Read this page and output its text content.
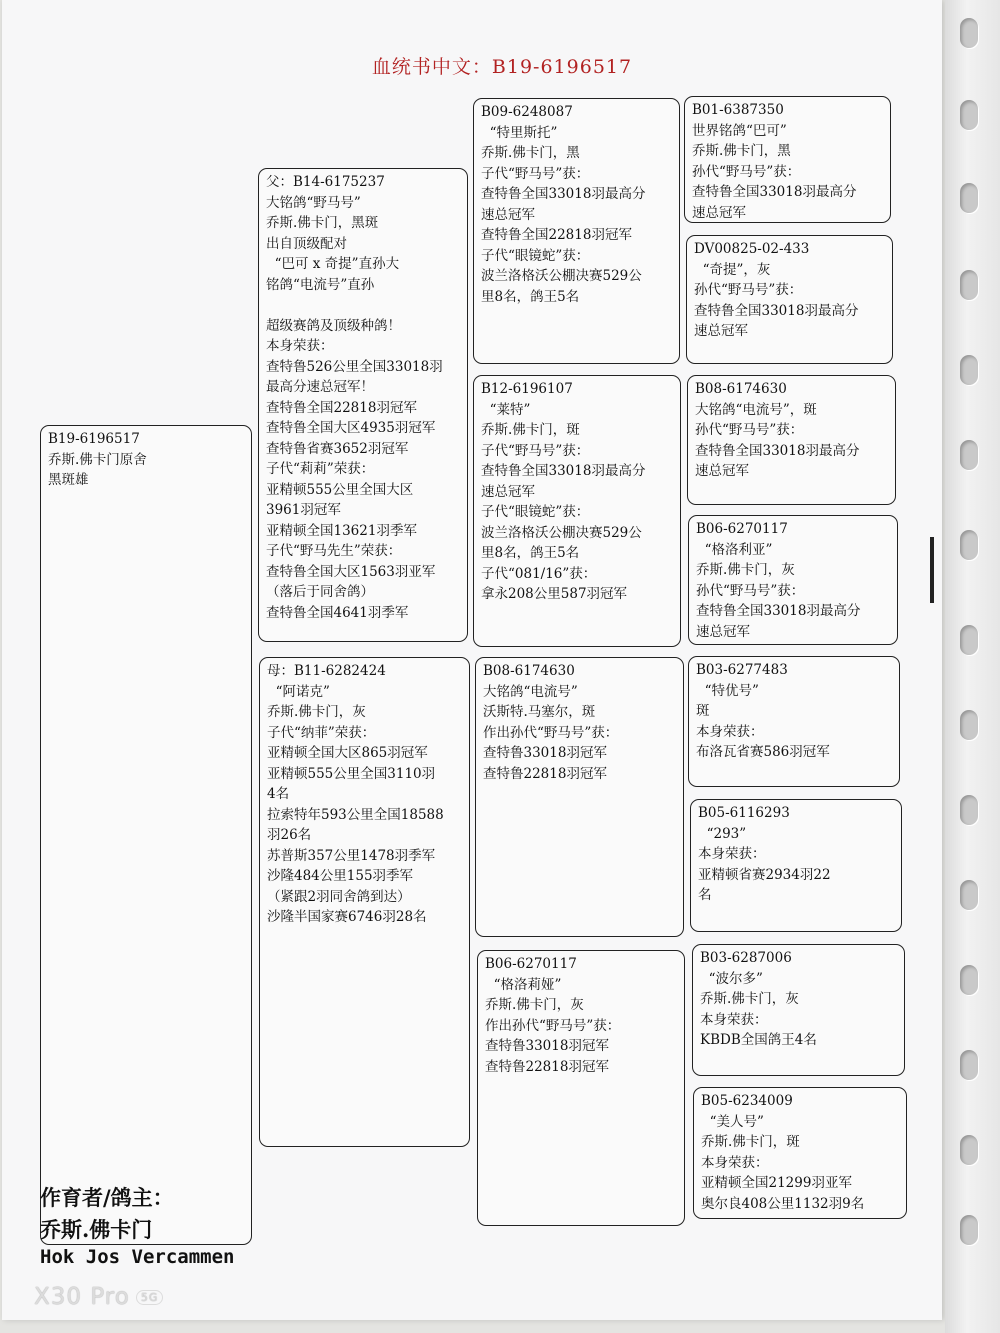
血统书中文：B19-6196517
B19-6196517
乔斯.佛卡门原舍
黑斑雄
父：B14-6175237
大铭鸽“野马号”
乔斯.佛卡门，黑斑
出自顶级配对
“巴可 x 奇提”直孙大
铭鸽“电流号”直孙

超级赛鸽及顶级种鸽！
本身荣获：
查特鲁526公里全国33018羽
最高分速总冠军！
查特鲁全国22818羽冠军
查特鲁全国大区4935羽冠军
查特鲁省赛3652羽冠军
子代“莉莉”荣获：
亚精顿555公里全国大区
3961羽冠军
亚精顿全国13621羽季军
子代“野马先生”荣获：
查特鲁全国大区1563羽亚军
（落后于同舍鸽）
查特鲁全国4641羽季军
母：B11-6282424
“阿诺克”
乔斯.佛卡门，灰
子代“纳菲”荣获：
亚精顿全国大区865羽冠军
亚精顿555公里全国3110羽
4名
拉索特年593公里全国18588
羽26名
苏普斯357公里1478羽季军
沙隆484公里155羽季军
（紧跟2羽同舍鸽到达）
沙隆半国家赛6746羽28名
B09-6248087
“特里斯托”
乔斯.佛卡门，黑
子代“野马号”获：
查特鲁全国33018羽最高分
速总冠军
查特鲁全国22818羽冠军
子代“眼镜蛇”获：
波兰洛格沃公棚决赛529公
里8名，鸽王5名
B12-6196107
“莱特”
乔斯.佛卡门，斑
子代“野马号”获：
查特鲁全国33018羽最高分
速总冠军
子代“眼镜蛇”获：
波兰洛格沃公棚决赛529公
里8名，鸽王5名
子代“081/16”获：
拿永208公里587羽冠军
B08-6174630
大铭鸽“电流号”
沃斯特.马塞尔，斑
作出孙代“野马号”获：
查特鲁33018羽冠军
查特鲁22818羽冠军
B06-6270117
“格洛莉娅”
乔斯.佛卡门，灰
作出孙代“野马号”获：
查特鲁33018羽冠军
查特鲁22818羽冠军
B01-6387350
世界铭鸽“巴可”
乔斯.佛卡门，黑
孙代“野马号”获：
查特鲁全国33018羽最高分
速总冠军
DV00825-02-433
“奇提”，灰
孙代“野马号”获：
查特鲁全国33018羽最高分
速总冠军
B08-6174630
大铭鸽“电流号”，斑
孙代“野马号”获：
查特鲁全国33018羽最高分
速总冠军
B06-6270117
“格洛利亚”
乔斯.佛卡门，灰
孙代“野马号”获：
查特鲁全国33018羽最高分
速总冠军
B03-6277483
“特优号”
斑
本身荣获：
布洛瓦省赛586羽冠军
B05-6116293
“293”
本身荣获：
亚精顿省赛2934羽22
名
B03-6287006
“波尔多”
乔斯.佛卡门，灰
本身荣获：
KBDB全国鸽王4名
B05-6234009
“美人号”
乔斯.佛卡门，斑
本身荣获：
亚精顿全国21299羽亚军
奥尔良408公里1132羽9名
作育者/鸽主：
乔斯.佛卡门
Hok Jos Vercammen
X30 Pro 5G
